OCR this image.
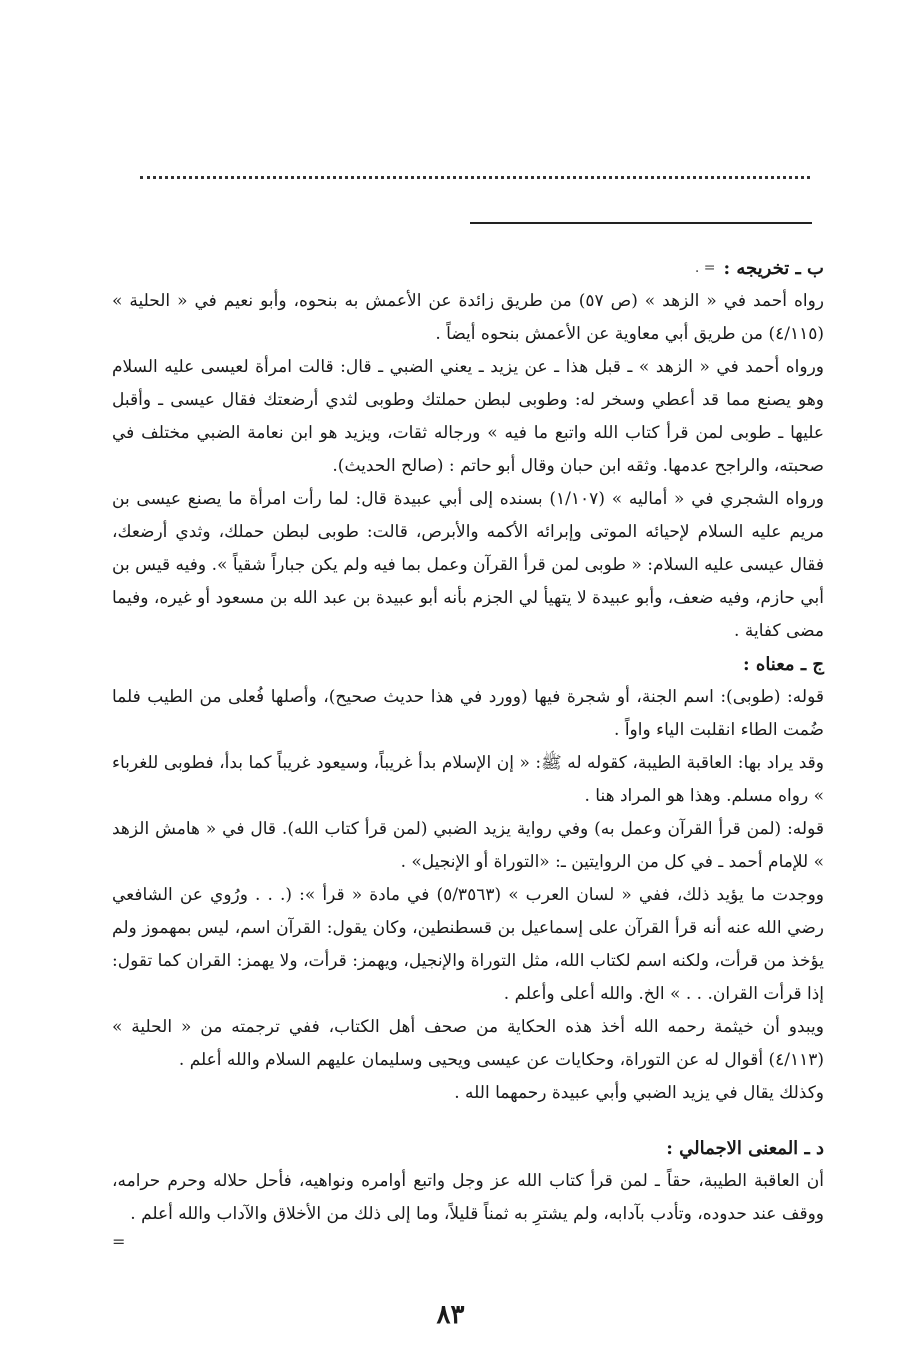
ب ـ تخريجه :
= .

رواه أحمد في « الزهد » (ص ٥٧) من طريق زائدة عن الأعمش به بنحوه، وأبو نعيم في « الحلية » (٤/١١٥) من طريق أبي معاوية عن الأعمش بنحوه أيضاً .

ورواه أحمد في « الزهد » ـ قبل هذا ـ عن يزيد ـ يعني الضبي ـ قال: قالت امرأة لعيسى عليه السلام وهو يصنع مما قد أعطي وسخر له: وطوبى لبطن حملتك وطوبى لثدي أرضعتك فقال عيسى ـ وأقبل عليها ـ طوبى لمن قرأ كتاب الله واتبع ما فيه » ورجاله ثقات، ويزيد هو ابن نعامة الضبي مختلف في صحبته، والراجح عدمها. وثقه ابن حبان وقال أبو حاتم : (صالح الحديث).

ورواه الشجري في « أماليه » (١/١٠٧) بسنده إلى أبي عبيدة قال: لما رأت امرأة ما يصنع عيسى بن مريم عليه السلام لإحيائه الموتى وإبرائه الأكمه والأبرص، قالت: طوبى لبطن حملك، وثدي أرضعك، فقال عيسى عليه السلام: « طوبى لمن قرأ القرآن وعمل بما فيه ولم يكن جباراً شقياً ». وفيه قيس بن أبي حازم، وفيه ضعف، وأبو عبيدة لا يتهيأ لي الجزم بأنه أبو عبيدة بن عبد الله بن مسعود أو غيره، وفيما مضى كفاية .

ج ـ معناه :

قوله: (طوبى): اسم الجنة، أو شجرة فيها (وورد في هذا حديث صحيح)، وأصلها فُعلى من الطيب فلما ضُمت الطاء انقلبت الياء واواً .

وقد يراد بها: العاقبة الطيبة، كقوله له ﷺ: « إن الإسلام بدأ غريباً، وسيعود غريباً كما بدأ، فطوبى للغرباء » رواه مسلم. وهذا هو المراد هنا .

قوله: (لمن قرأ القرآن وعمل به) وفي رواية يزيد الضبي (لمن قرأ كتاب الله). قال في « هامش الزهد » للإمام أحمد ـ في كل من الروايتين ـ: «التوراة أو الإنجيل» .

ووجدت ما يؤيد ذلك، ففي « لسان العرب » (٥/٣٥٦٣) في مادة « قرأ »: (. . . ورُوي عن الشافعي رضي الله عنه أنه قرأ القرآن على إسماعيل بن قسطنطين، وكان يقول: القرآن اسم، ليس بمهموز ولم يؤخذ من قرأت، ولكنه اسم لكتاب الله، مثل التوراة والإنجيل، ويهمز: قرأت، ولا يهمز: القران كما تقول: إذا قرأت القران. . . » الخ. والله أعلى وأعلم .

ويبدو أن خيثمة رحمه الله أخذ هذه الحكاية من صحف أهل الكتاب، ففي ترجمته من « الحلية » (٤/١١٣) أقوال له عن التوراة، وحكايات عن عيسى ويحيى وسليمان عليهم السلام والله أعلم .

وكذلك يقال في يزيد الضبي وأبي عبيدة رحمهما الله .

د ـ المعنى الاجمالي :

أن العاقبة الطيبة، حقاً ـ لمن قرأ كتاب الله عز وجل واتبع أوامره ونواهيه، فأحل حلاله وحرم حرامه، ووقف عند حدوده، وتأدب بآدابه، ولم يشترِ به ثمناً قليلاً، وما إلى ذلك من الأخلاق والآداب والله أعلم .

=
٨٣
